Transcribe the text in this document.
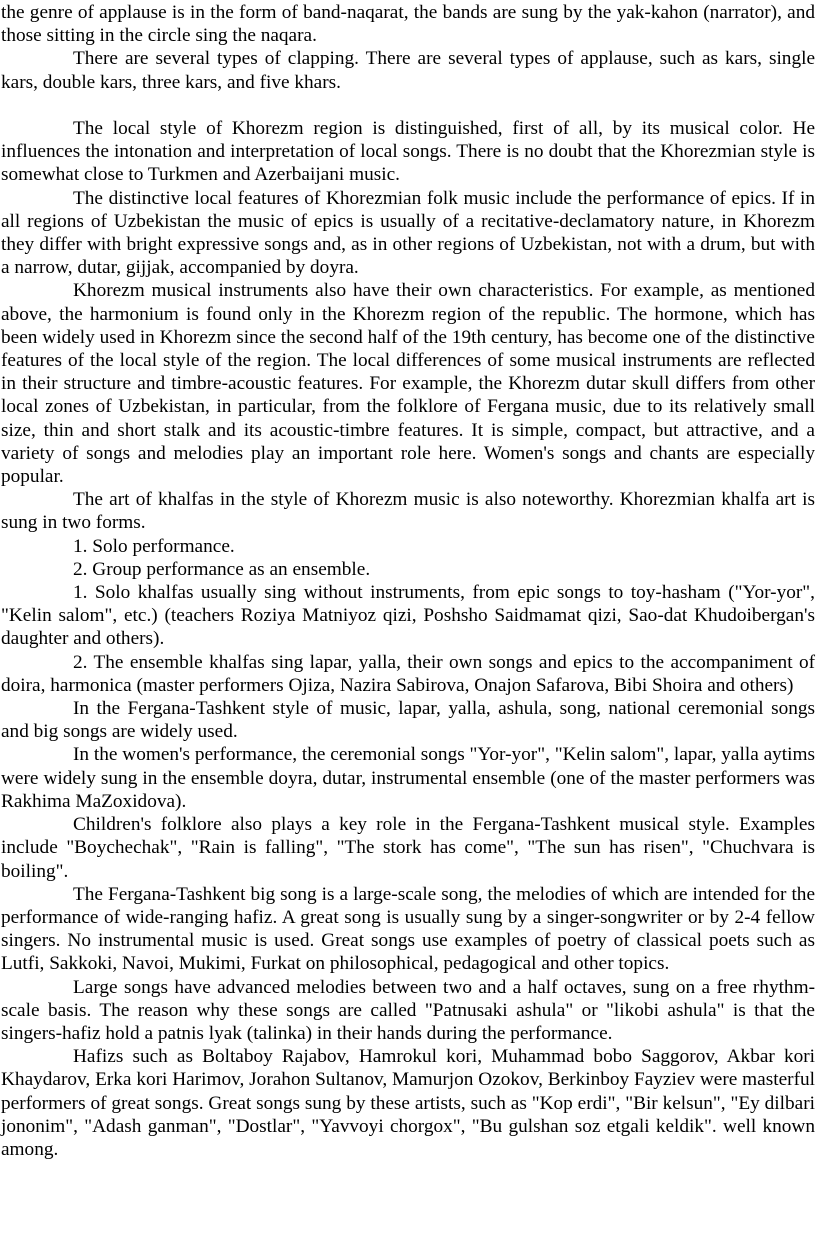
the genre of applause is in the form of band-naqarat, the bands are sung by the yak-kahon (narrator), and those sitting in the circle sing the naqara.

There are several types of clapping. There are several types of applause, such as kars, single kars, double kars, three kars, and five khars.

The local style of Khorezm region is distinguished, first of all, by its musical color. He influences the intonation and interpretation of local songs. There is no doubt that the Khorezmian style is somewhat close to Turkmen and Azerbaijani music.

The distinctive local features of Khorezmian folk music include the performance of epics. If in all regions of Uzbekistan the music of epics is usually of a recitative-declamatory nature, in Khorezm they differ with bright expressive songs and, as in other regions of Uzbekistan, not with a drum, but with a narrow, dutar, gijjak, accompanied by doyra.

Khorezm musical instruments also have their own characteristics. For example, as mentioned above, the harmonium is found only in the Khorezm region of the republic. The hormone, which has been widely used in Khorezm since the second half of the 19th century, has become one of the distinctive features of the local style of the region. The local differences of some musical instruments are reflected in their structure and timbre-acoustic features. For example, the Khorezm dutar skull differs from other local zones of Uzbekistan, in particular, from the folklore of Fergana music, due to its relatively small size, thin and short stalk and its acoustic-timbre features. It is simple, compact, but attractive, and a variety of songs and melodies play an important role here. Women's songs and chants are especially popular.

The art of khalfas in the style of Khorezm music is also noteworthy. Khorezmian khalfa art is sung in two forms.

1. Solo performance.

2. Group performance as an ensemble.

1. Solo khalfas usually sing without instruments, from epic songs to toy-hasham ("Yor-yor", "Kelin salom", etc.) (teachers Roziya Matniyoz qizi, Poshsho Saidmamat qizi, Sao-dat Khudoibergan's daughter and others).

2. The ensemble khalfas sing lapar, yalla, their own songs and epics to the accompaniment of doira, harmonica (master performers Ojiza, Nazira Sabirova, Onajon Safarova, Bibi Shoira and others)

In the Fergana-Tashkent style of music, lapar, yalla, ashula, song, national ceremonial songs and big songs are widely used.

In the women's performance, the ceremonial songs "Yor-yor", "Kelin salom", lapar, yalla aytims were widely sung in the ensemble doyra, dutar, instrumental ensemble (one of the master performers was Rakhima MaZoxidova).

Children's folklore also plays a key role in the Fergana-Tashkent musical style. Examples include "Boychechak", "Rain is falling", "The stork has come", "The sun has risen", "Chuchvara is boiling".

The Fergana-Tashkent big song is a large-scale song, the melodies of which are intended for the performance of wide-ranging hafiz. A great song is usually sung by a singer-songwriter or by 2-4 fellow singers. No instrumental music is used. Great songs use examples of poetry of classical poets such as Lutfi, Sakkoki, Navoi, Mukimi, Furkat on philosophical, pedagogical and other topics.

Large songs have advanced melodies between two and a half octaves, sung on a free rhythm-scale basis. The reason why these songs are called "Patnusaki ashula" or "likobi ashula" is that the singers-hafiz hold a patnis lyak (talinka) in their hands during the performance.

Hafizs such as Boltaboy Rajabov, Hamrokul kori, Muhammad bobo Saggorov, Akbar kori Khaydarov, Erka kori Harimov, Jorahon Sultanov, Mamurjon Ozokov, Berkinboy Fayziev were masterful performers of great songs. Great songs sung by these artists, such as "Kop erdi", "Bir kelsun", "Ey dilbari jononim", "Adash ganman", "Dostlar", "Yavvoyi chorgox", "Bu gulshan soz etgali keldik". well known among.
